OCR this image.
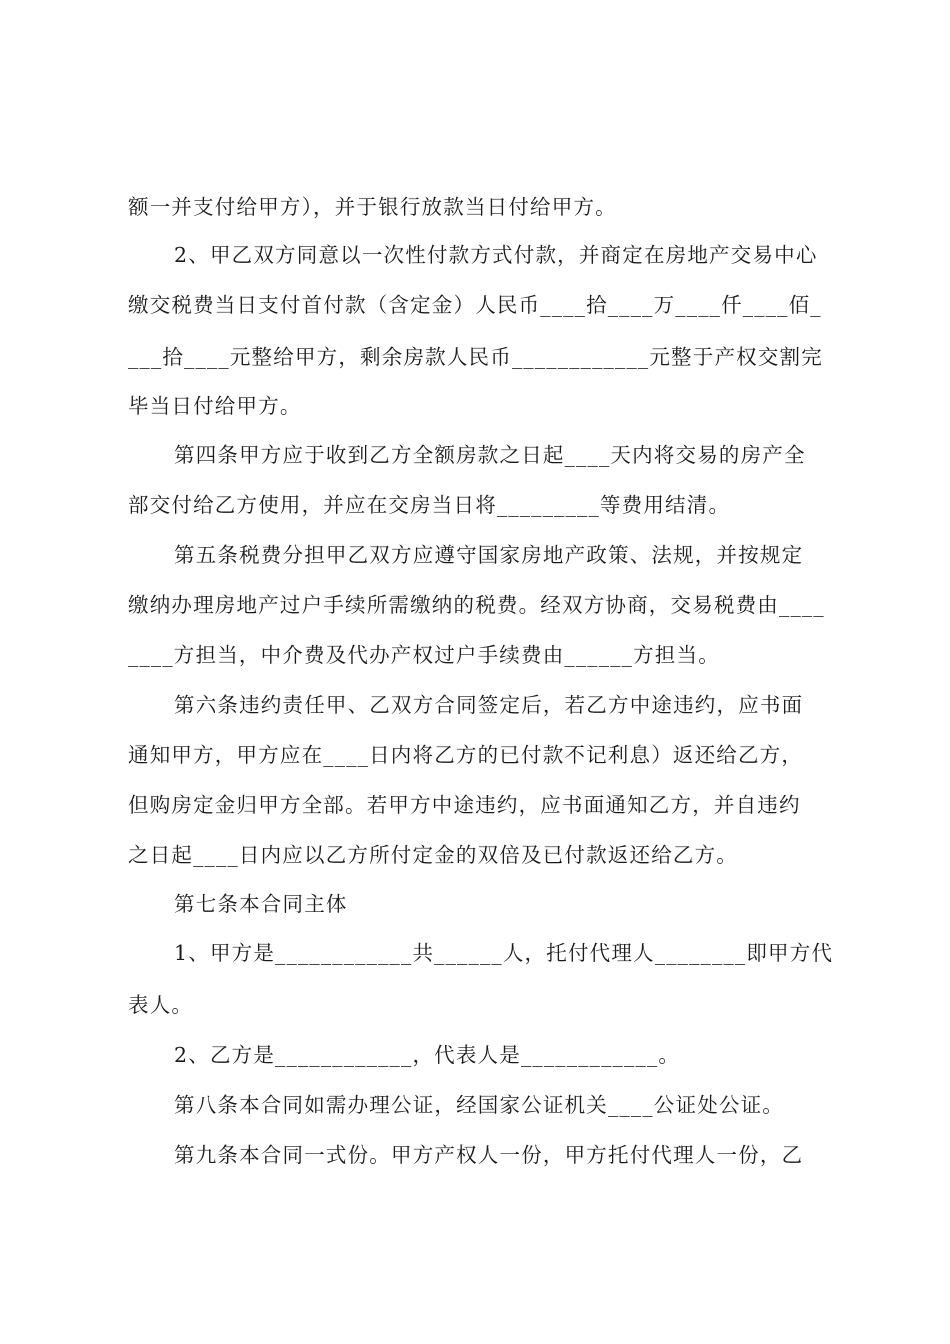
额一并支付给甲方），并于银行放款当日付给甲方。
2、甲乙双方同意以一次性付款方式付款，并商定在房地产交易中心
缴交税费当日支付首付款（含定金）人民币____拾____万____仟____佰_
___拾____元整给甲方，剩余房款人民币____________元整于产权交割完
毕当日付给甲方。
第四条甲方应于收到乙方全额房款之日起____天内将交易的房产全
部交付给乙方使用，并应在交房当日将_________等费用结清。
第五条税费分担甲乙双方应遵守国家房地产政策、法规，并按规定
缴纳办理房地产过户手续所需缴纳的税费。经双方协商，交易税费由____
____方担当，中介费及代办产权过户手续费由______方担当。
第六条违约责任甲、乙双方合同签定后，若乙方中途违约，应书面
通知甲方，甲方应在____日内将乙方的已付款不记利息）返还给乙方，
但购房定金归甲方全部。若甲方中途违约，应书面通知乙方，并自违约
之日起____日内应以乙方所付定金的双倍及已付款返还给乙方。
第七条本合同主体
1、甲方是____________共______人，托付代理人________即甲方代
表人。
2、乙方是____________，代表人是____________。
第八条本合同如需办理公证，经国家公证机关____公证处公证。
第九条本合同一式份。甲方产权人一份，甲方托付代理人一份，乙
